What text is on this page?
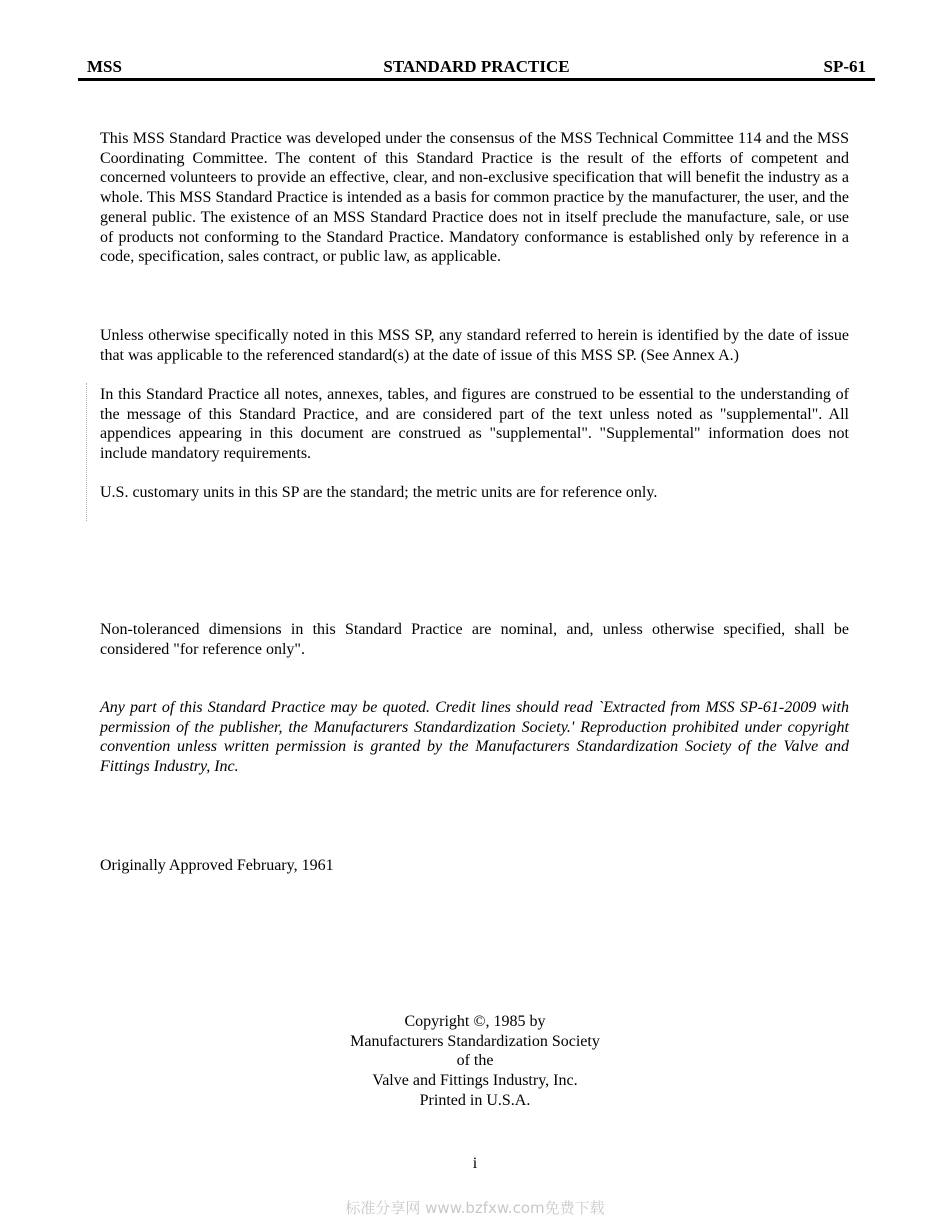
MSS	STANDARD PRACTICE	SP-61

This MSS Standard Practice was developed under the consensus of the MSS Technical Committee 114 and the MSS Coordinating Committee. The content of this Standard Practice is the result of the efforts of competent and concerned volunteers to provide an effective, clear, and non-exclusive specification that will benefit the industry as a whole. This MSS Standard Practice is intended as a basis for common practice by the manufacturer, the user, and the general public. The existence of an MSS Standard Practice does not in itself preclude the manufacture, sale, or use of products not conforming to the Standard Practice. Mandatory conformance is established only by reference in a code, specification, sales contract, or public law, as applicable.

Unless otherwise specifically noted in this MSS SP, any standard referred to herein is identified by the date of issue that was applicable to the referenced standard(s) at the date of issue of this MSS SP. (See Annex A.)

In this Standard Practice all notes, annexes, tables, and figures are construed to be essential to the understanding of the message of this Standard Practice, and are considered part of the text unless noted as "supplemental". All appendices appearing in this document are construed as "supplemental". "Supplemental" information does not include mandatory requirements.

U.S. customary units in this SP are the standard; the metric units are for reference only.

Non-toleranced dimensions in this Standard Practice are nominal, and, unless otherwise specified, shall be considered "for reference only".

Any part of this Standard Practice may be quoted. Credit lines should read `Extracted from MSS SP-61-2009 with permission of the publisher, the Manufacturers Standardization Society.' Reproduction prohibited under copyright convention unless written permission is granted by the Manufacturers Standardization Society of the Valve and Fittings Industry, Inc.

Originally Approved February, 1961

Copyright ©, 1985 by
Manufacturers Standardization Society
of the
Valve and Fittings Industry, Inc.
Printed in U.S.A.
i
标准分享网 www.bzfxw.com免费下载
